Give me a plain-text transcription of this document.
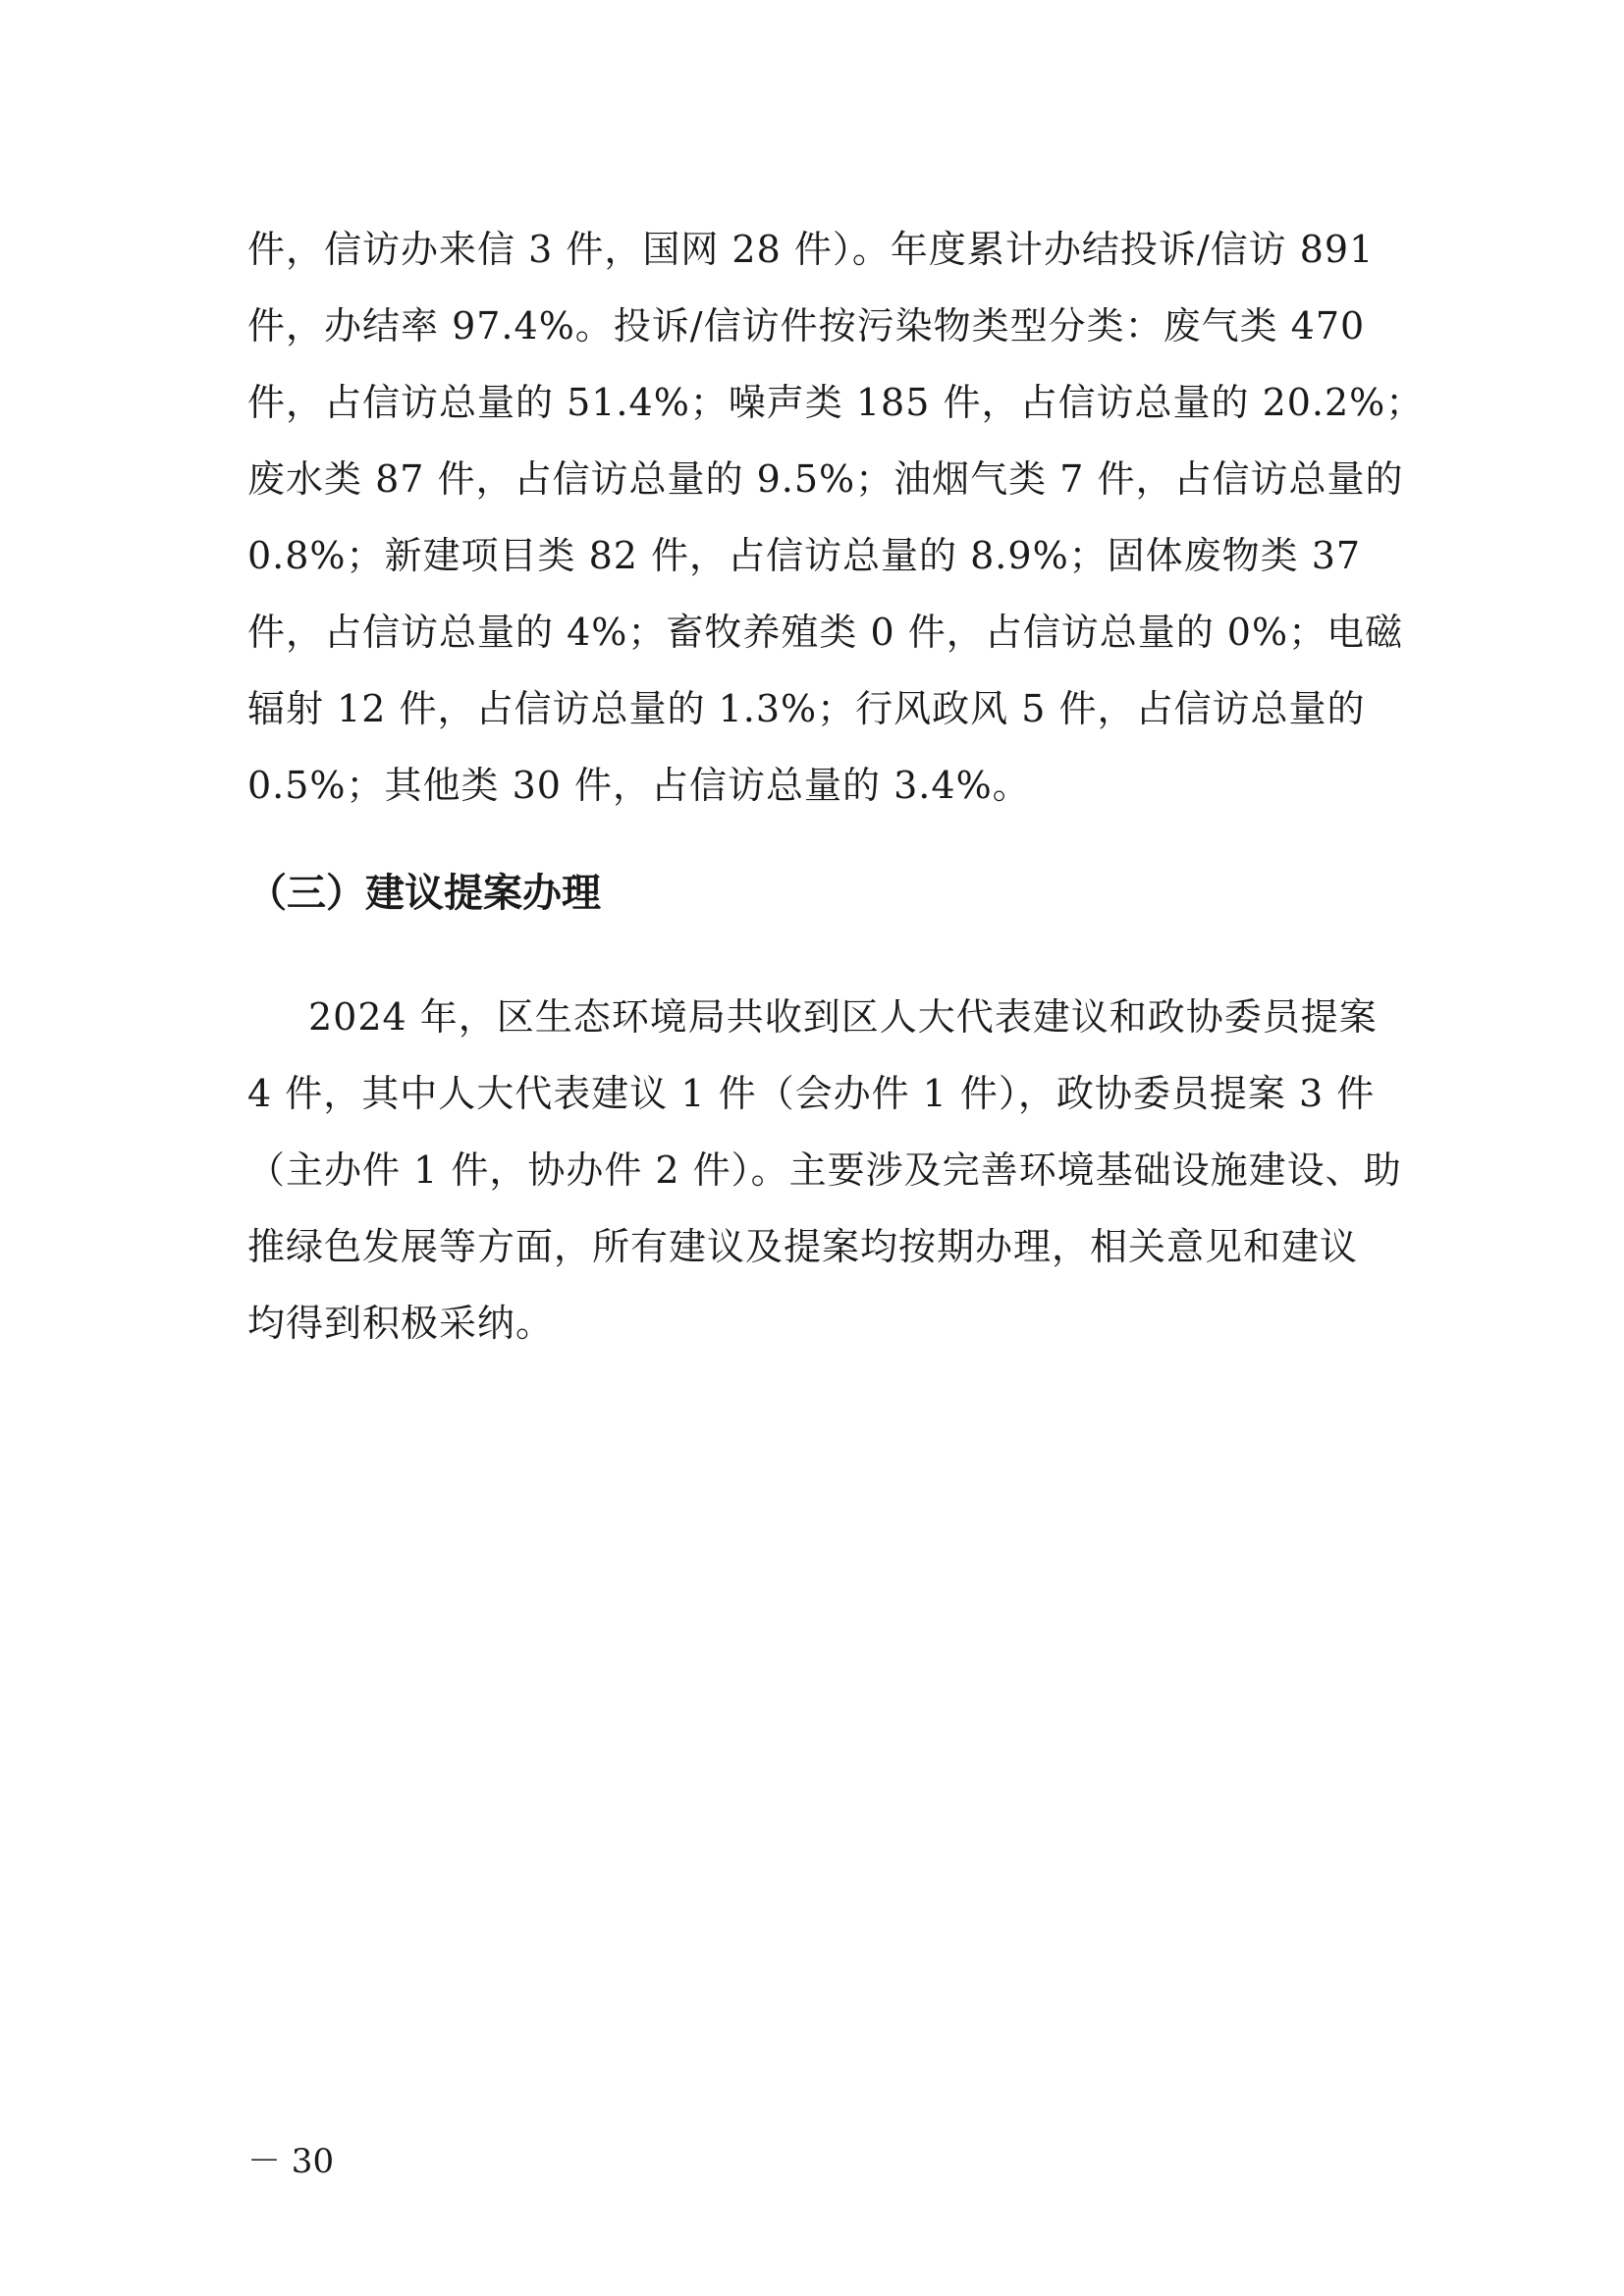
件，信访办来信 3 件，国网 28 件）。年度累计办结投诉/信访 891
件，办结率 97.4%。投诉/信访件按污染物类型分类：废气类 470
件，占信访总量的 51.4%；噪声类 185 件，占信访总量的 20.2%；
废水类 87 件，占信访总量的 9.5%；油烟气类 7 件，占信访总量的
0.8%；新建项目类 82 件，占信访总量的 8.9%；固体废物类 37
件，占信访总量的 4%；畜牧养殖类 0 件，占信访总量的 0%；电磁
辐射 12 件，占信访总量的 1.3%；行风政风 5 件，占信访总量的
0.5%；其他类 30 件，占信访总量的 3.4%。
（三）建议提案办理
2024 年，区生态环境局共收到区人大代表建议和政协委员提案
4 件，其中人大代表建议 1 件（会办件 1 件），政协委员提案 3 件
（主办件 1 件，协办件 2 件）。主要涉及完善环境基础设施建设、助
推绿色发展等方面，所有建议及提案均按期办理，相关意见和建议
均得到积极采纳。
－ 30
